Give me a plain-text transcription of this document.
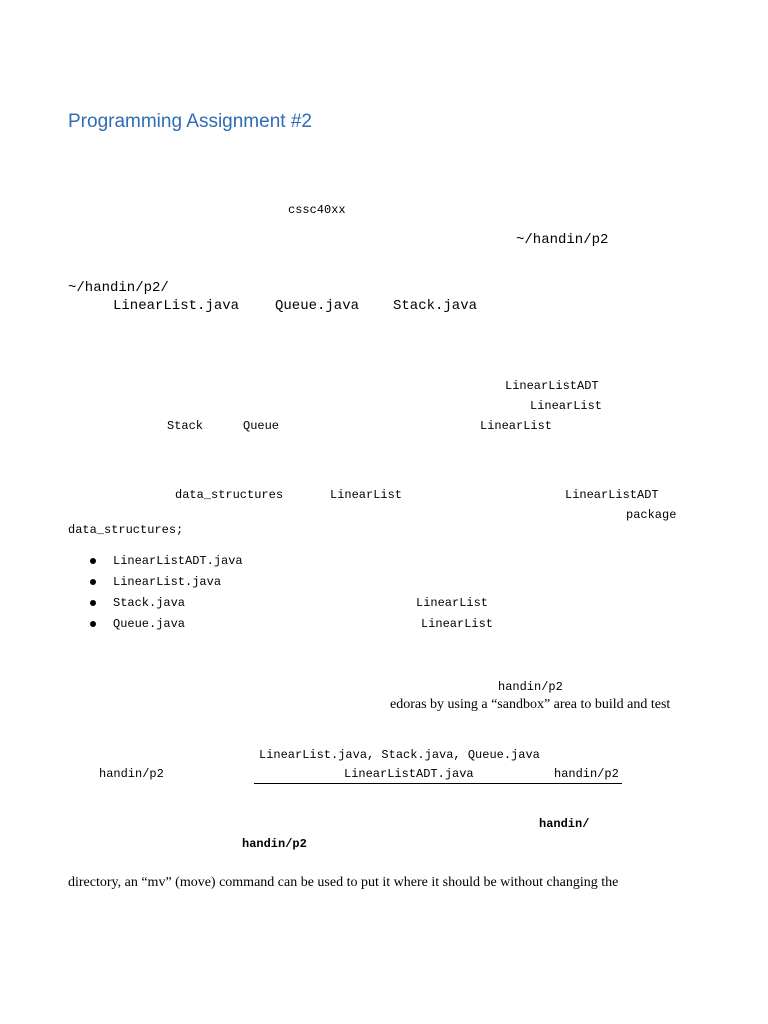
Programming Assignment #2
cssc40xx
~/handin/p2
~/handin/p2/
LinearList.java	Queue.java Stack.java
LinearListADT
LinearList
Stack	Queue	LinearList
data_structures	LinearList	LinearListADT
package
data_structures;
LinearListADT.java
LinearList.java
Stack.java	LinearList
Queue.java	LinearList
handin/p2
edoras by using a “sandbox” area to build and test
LinearList.java, Stack.java, Queue.java
handin/p2	LinearListADT.java	handin/p2
handin/
handin/p2
directory, an “mv” (move) command can be used to put it where it should be without changing the
